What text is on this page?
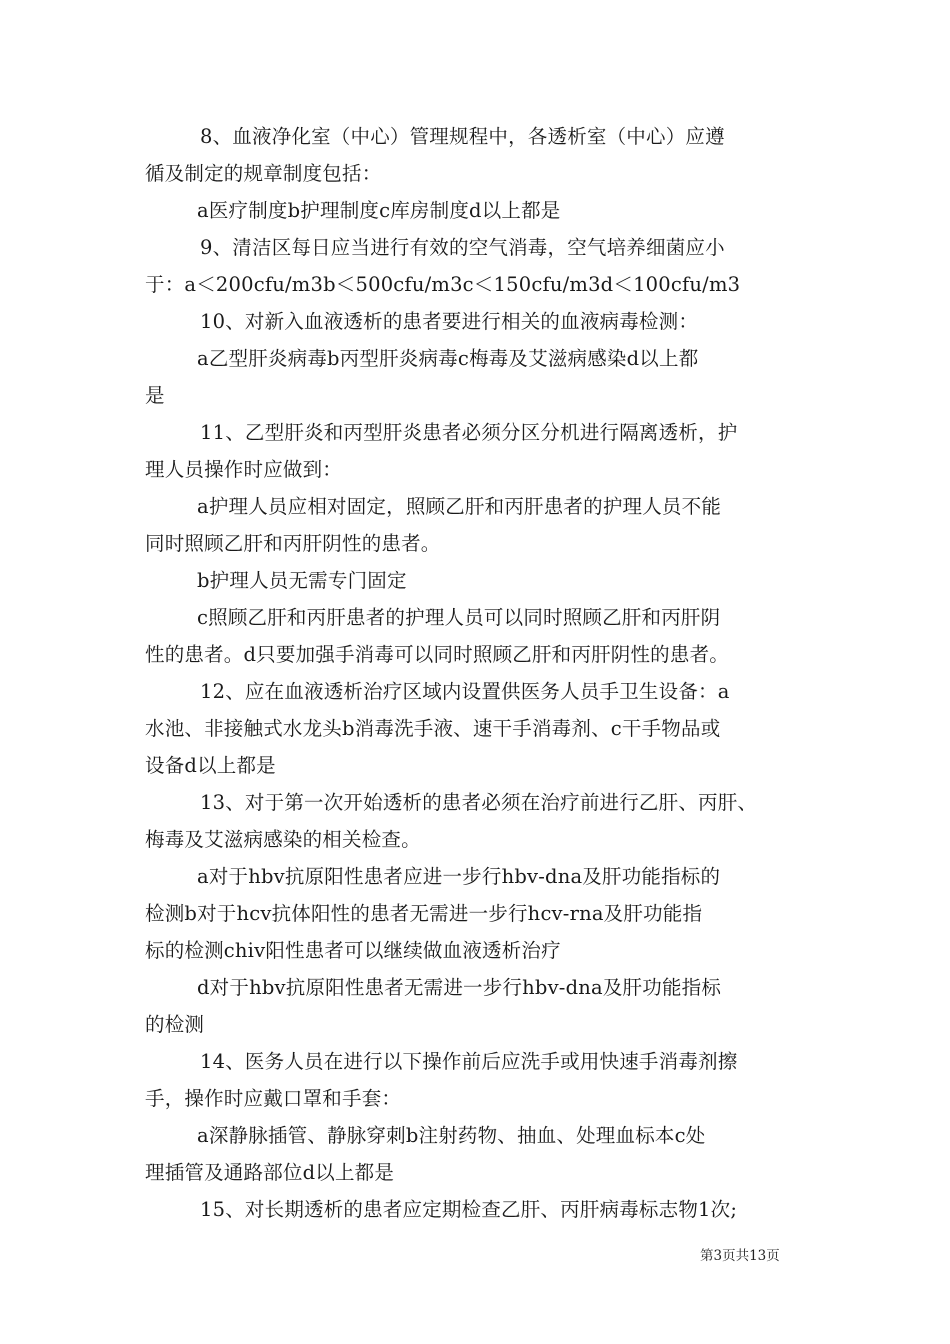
8、血液净化室（中心）管理规程中，各透析室（中心）应遵
循及制定的规章制度包括：
a医疗制度b护理制度c库房制度d以上都是
9、清洁区每日应当进行有效的空气消毒，空气培养细菌应小
于：a＜200cfu/m3b＜500cfu/m3c＜150cfu/m3d＜100cfu/m3
10、对新入血液透析的患者要进行相关的血液病毒检测：
a乙型肝炎病毒b丙型肝炎病毒c梅毒及艾滋病感染d以上都
是
11、乙型肝炎和丙型肝炎患者必须分区分机进行隔离透析，护
理人员操作时应做到：
a护理人员应相对固定，照顾乙肝和丙肝患者的护理人员不能
同时照顾乙肝和丙肝阴性的患者。
b护理人员无需专门固定
c照顾乙肝和丙肝患者的护理人员可以同时照顾乙肝和丙肝阴
性的患者。d只要加强手消毒可以同时照顾乙肝和丙肝阴性的患者。
12、应在血液透析治疗区域内设置供医务人员手卫生设备：a
水池、非接触式水龙头b消毒洗手液、速干手消毒剂、c干手物品或
设备d以上都是
13、对于第一次开始透析的患者必须在治疗前进行乙肝、丙肝、
梅毒及艾滋病感染的相关检查。
a对于hbv抗原阳性患者应进一步行hbv-dna及肝功能指标的
检测b对于hcv抗体阳性的患者无需进一步行hcv-rna及肝功能指
标的检测chiv阳性患者可以继续做血液透析治疗
d对于hbv抗原阳性患者无需进一步行hbv-dna及肝功能指标
的检测
14、医务人员在进行以下操作前后应洗手或用快速手消毒剂擦
手，操作时应戴口罩和手套：
a深静脉插管、静脉穿刺b注射药物、抽血、处理血标本c处
理插管及通路部位d以上都是
15、对长期透析的患者应定期检查乙肝、丙肝病毒标志物1次;
第3页共13页
